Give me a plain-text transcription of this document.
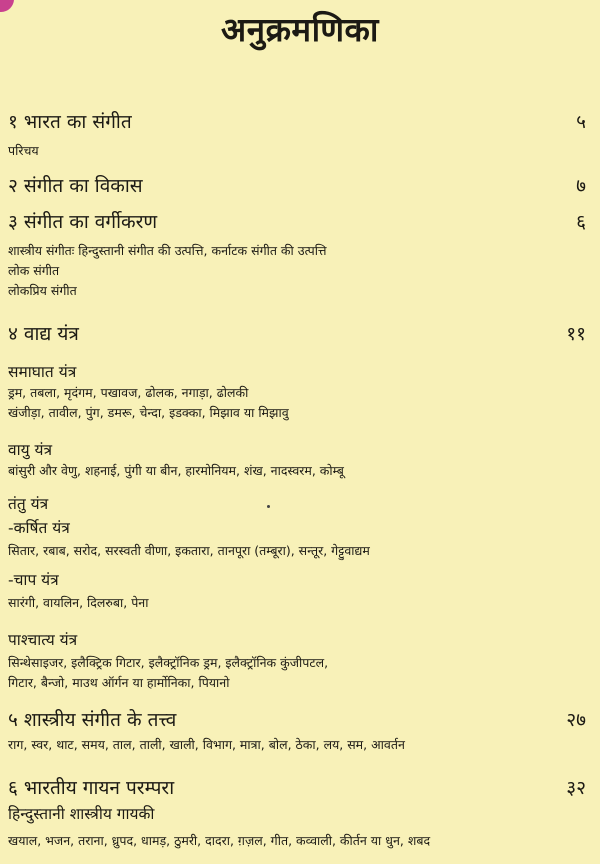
अनुक्रमणिका
१ भारत का संगीत	५
परिचय
२ संगीत का विकास	७
३ संगीत का वर्गीकरण	६
शास्त्रीय संगीतः हिन्दुस्तानी संगीत की उत्पत्ति, कर्नाटक संगीत की उत्पत्ति
लोक संगीत
लोकप्रिय संगीत
४ वाद्य यंत्र	११
समाघात यंत्र
ड्रम, तबला, मृदंगम, पखावज, ढोलक, नगाड़ा, ढोलकी
खंजीड़ा, तावील, पुंग, डमरू, चेन्दा, इडक्का, मिझाव या मिझावु
वायु यंत्र
बांसुरी और वेणु, शहनाई, पुंगी या बीन, हारमोनियम, शंख, नादस्वरम, कोम्बू
तंतु यंत्र
-कर्षित यंत्र
सितार, रबाब, सरोद, सरस्वती वीणा, इकतारा, तानपूरा (तम्बूरा), सन्तूर, गेट्टुवाद्यम
-चाप यंत्र
सारंगी, वायलिन, दिलरुबा, पेना
पाश्चात्य यंत्र
सिन्थेसाइजर, इलैक्ट्रिक गिटार, इलैक्ट्रॉनिक ड्रम, इलैक्ट्रॉनिक कुंजीपटल,
गिटार, बैन्जो, माउथ ऑर्गन या हार्मोनिका, पियानो
५ शास्त्रीय संगीत के तत्त्व	२७
राग, स्वर, थाट, समय, ताल, ताली, खाली, विभाग, मात्रा, बोल, ठेका, लय, सम, आवर्तन
६ भारतीय गायन परम्परा	३२
हिन्दुस्तानी शास्त्रीय गायकी
खयाल, भजन, तराना, ध्रुपद, धामड़, ठुमरी, दादरा, ग़ज़ल, गीत, कव्वाली, कीर्तन या धुन, शबद
